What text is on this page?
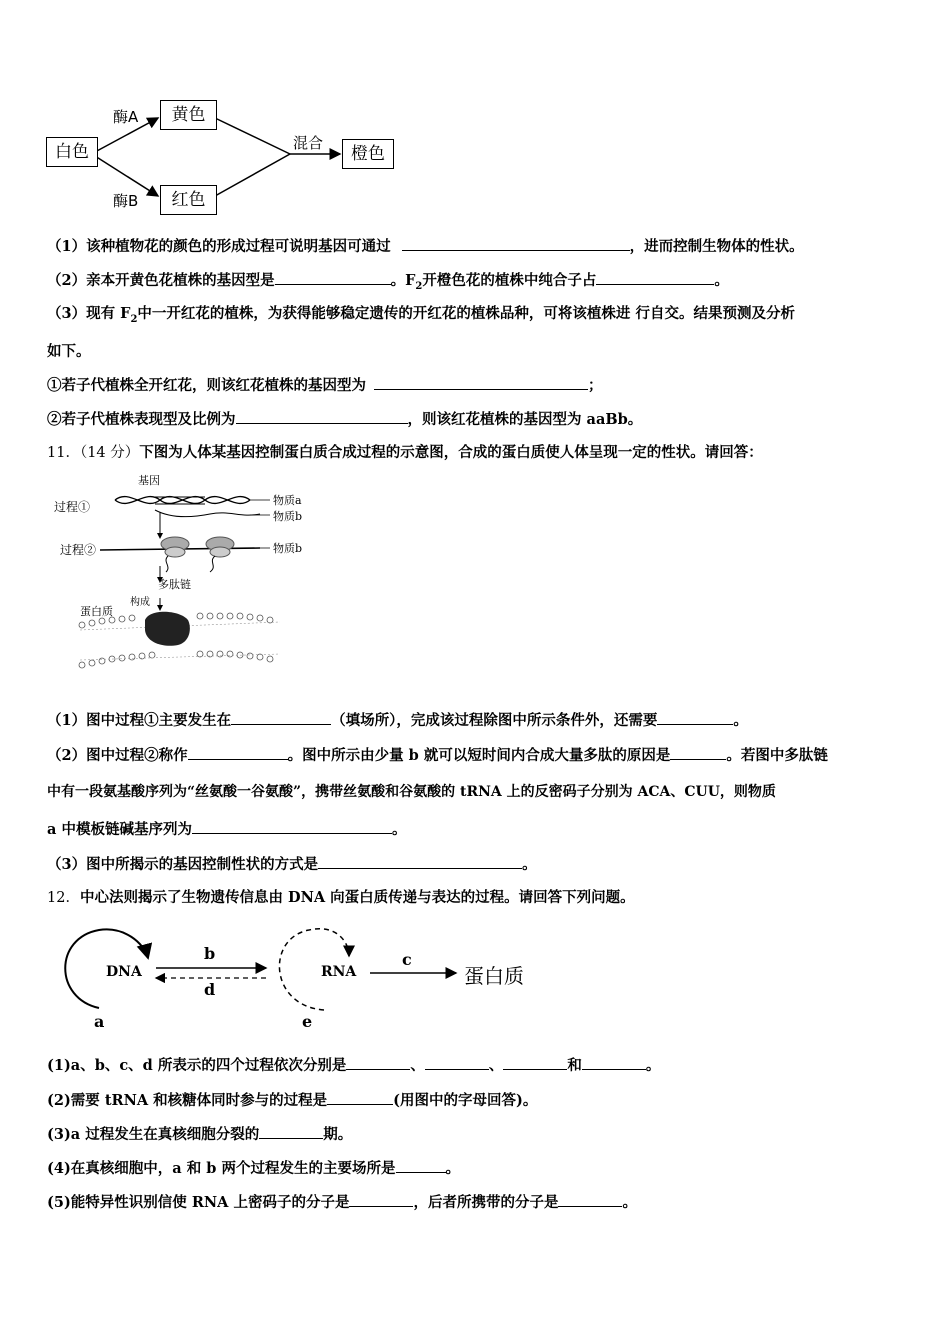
白色
黄色
红色
橙色
酶A
酶B
混合
（1）该种植物花的颜色的形成过程可说明基因可通过	，进而控制生物体的性状。
（2）亲本开黄色花植株的基因型是	。$F_2$开橙色花的植株中纯合子占	。
（3）现有 $F_2$中一开红花的植株，为获得能够稳定遗传的开红花的植株品种，可将该植株进 行自交。结果预测及分析
如下。
①若子代植株全开红花，则该红花植株的基因型为	；
②若子代植株表现型及比例为	，则该红花植株的基因型为 aaBb。
11．（14 分）下图为人体某基因控制蛋白质合成过程的示意图，合成的蛋白质使人体呈现一定的性状。请回答：
基因
过程①	物质a
物质b
过程②	物质b
多肽链
构成
蛋白质
（1）图中过程①主要发生在	（填场所），完成该过程除图中所示条件外，还需要	。
（2）图中过程②称作	。图中所示由少量 b 就可以短时间内合成大量多肽的原因是	。若图中多肽链
中有一段氨基酸序列为“丝氨酸一谷氨酸”，携带丝氨酸和谷氨酸的 tRNA 上的反密码子分别为 ACA、CUU，则物质
a 中模板链碱基序列为	。
（3）图中所揭示的基因控制性状的方式是	。
12．中心法则揭示了生物遗传信息由 DNA 向蛋白质传递与表达的过程。请回答下列问题。
DNA	RNA	蛋白质
b
d
c
a	e
(1)a、b、c、d 所表示的四个过程依次分别是	、	、	和	。
(2)需要 tRNA 和核糖体同时参与的过程是	(用图中的字母回答)。
(3)a 过程发生在真核细胞分裂的	期。
(4)在真核细胞中，a 和 b 两个过程发生的主要场所是	。
(5)能特异性识别信使 RNA 上密码子的分子是	，后者所携带的分子是	。
